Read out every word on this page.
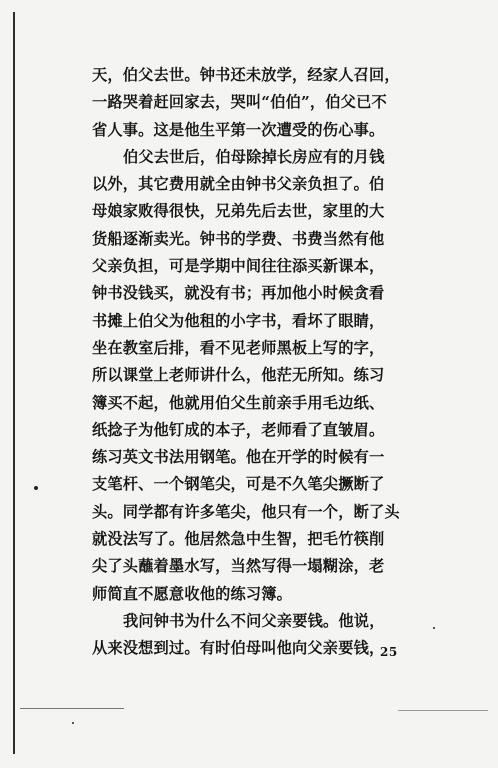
天，伯父去世。钟书还未放学，经家人召回，
一路哭着赶回家去，哭叫“伯伯”，伯父已不
省人事。这是他生平第一次遭受的伤心事。
伯父去世后，伯母除掉长房应有的月钱
以外，其它费用就全由钟书父亲负担了。伯
母娘家败得很快，兄弟先后去世，家里的大
货船逐渐卖光。钟书的学费、书费当然有他
父亲负担，可是学期中间往往添买新课本，
钟书没钱买，就没有书；再加他小时候贪看
书摊上伯父为他租的小字书，看坏了眼睛，
坐在教室后排，看不见老师黑板上写的字，
所以课堂上老师讲什么，他茫无所知。练习
簿买不起，他就用伯父生前亲手用毛边纸、
纸捻子为他钉成的本子，老师看了直皱眉。
练习英文书法用钢笔。他在开学的时候有一
支笔杆、一个钢笔尖，可是不久笔尖撅断了
头。同学都有许多笔尖，他只有一个，断了头
就没法写了。他居然急中生智，把毛竹筷削
尖了头蘸着墨水写，当然写得一塌糊涂，老
师简直不愿意收他的练习簿。
我问钟书为什么不问父亲要钱。他说，
从来没想到过。有时伯母叫他向父亲要钱，
25
